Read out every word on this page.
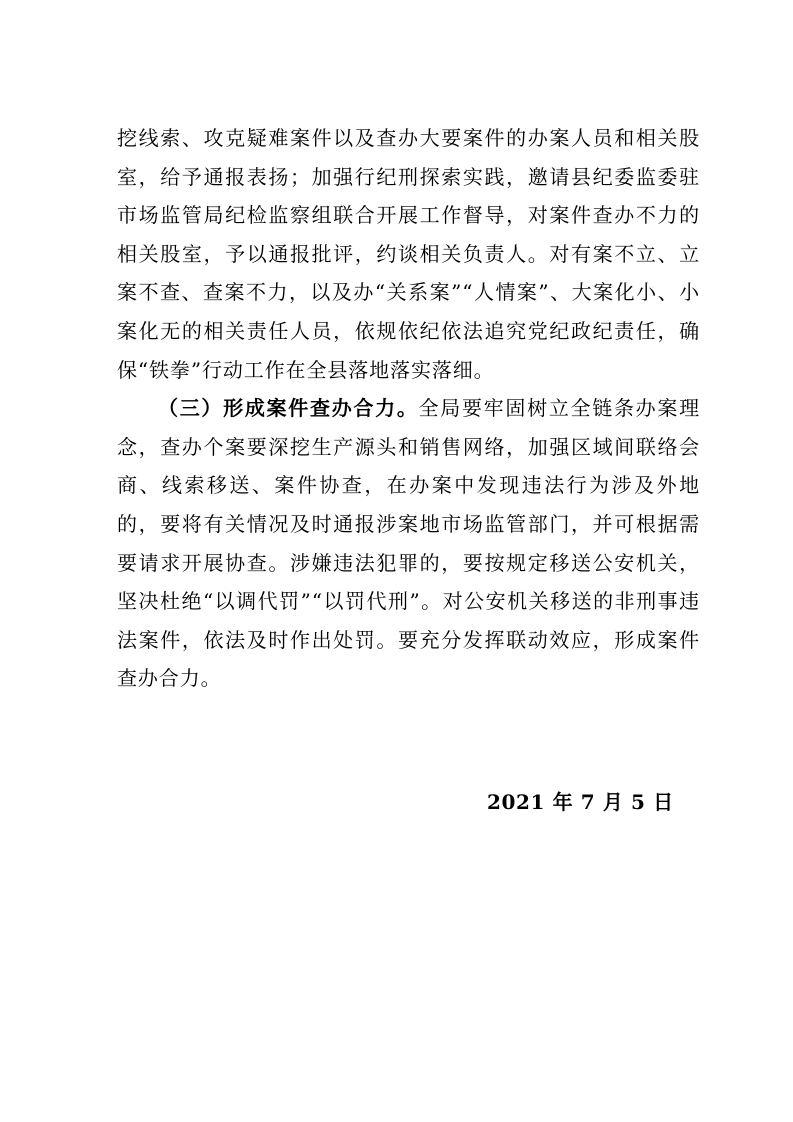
挖线索、攻克疑难案件以及查办大要案件的办案人员和相关股室，给予通报表扬；加强行纪刑探索实践，邀请县纪委监委驻市场监管局纪检监察组联合开展工作督导，对案件查办不力的相关股室，予以通报批评，约谈相关负责人。对有案不立、立案不查、查案不力，以及办“关系案”“人情案”、大案化小、小案化无的相关责任人员，依规依纪依法追究党纪政纪责任，确保“铁拳”行动工作在全县落地落实落细。

（三）形成案件查办合力。全局要牢固树立全链条办案理念，查办个案要深挖生产源头和销售网络，加强区域间联络会商、线索移送、案件协查，在办案中发现违法行为涉及外地的，要将有关情况及时通报涉案地市场监管部门，并可根据需要请求开展协查。涉嫌违法犯罪的，要按规定移送公安机关，坚决杜绝“以调代罚”“以罚代刑”。对公安机关移送的非刑事违法案件，依法及时作出处罚。要充分发挥联动效应，形成案件查办合力。

2021 年 7 月 5 日
